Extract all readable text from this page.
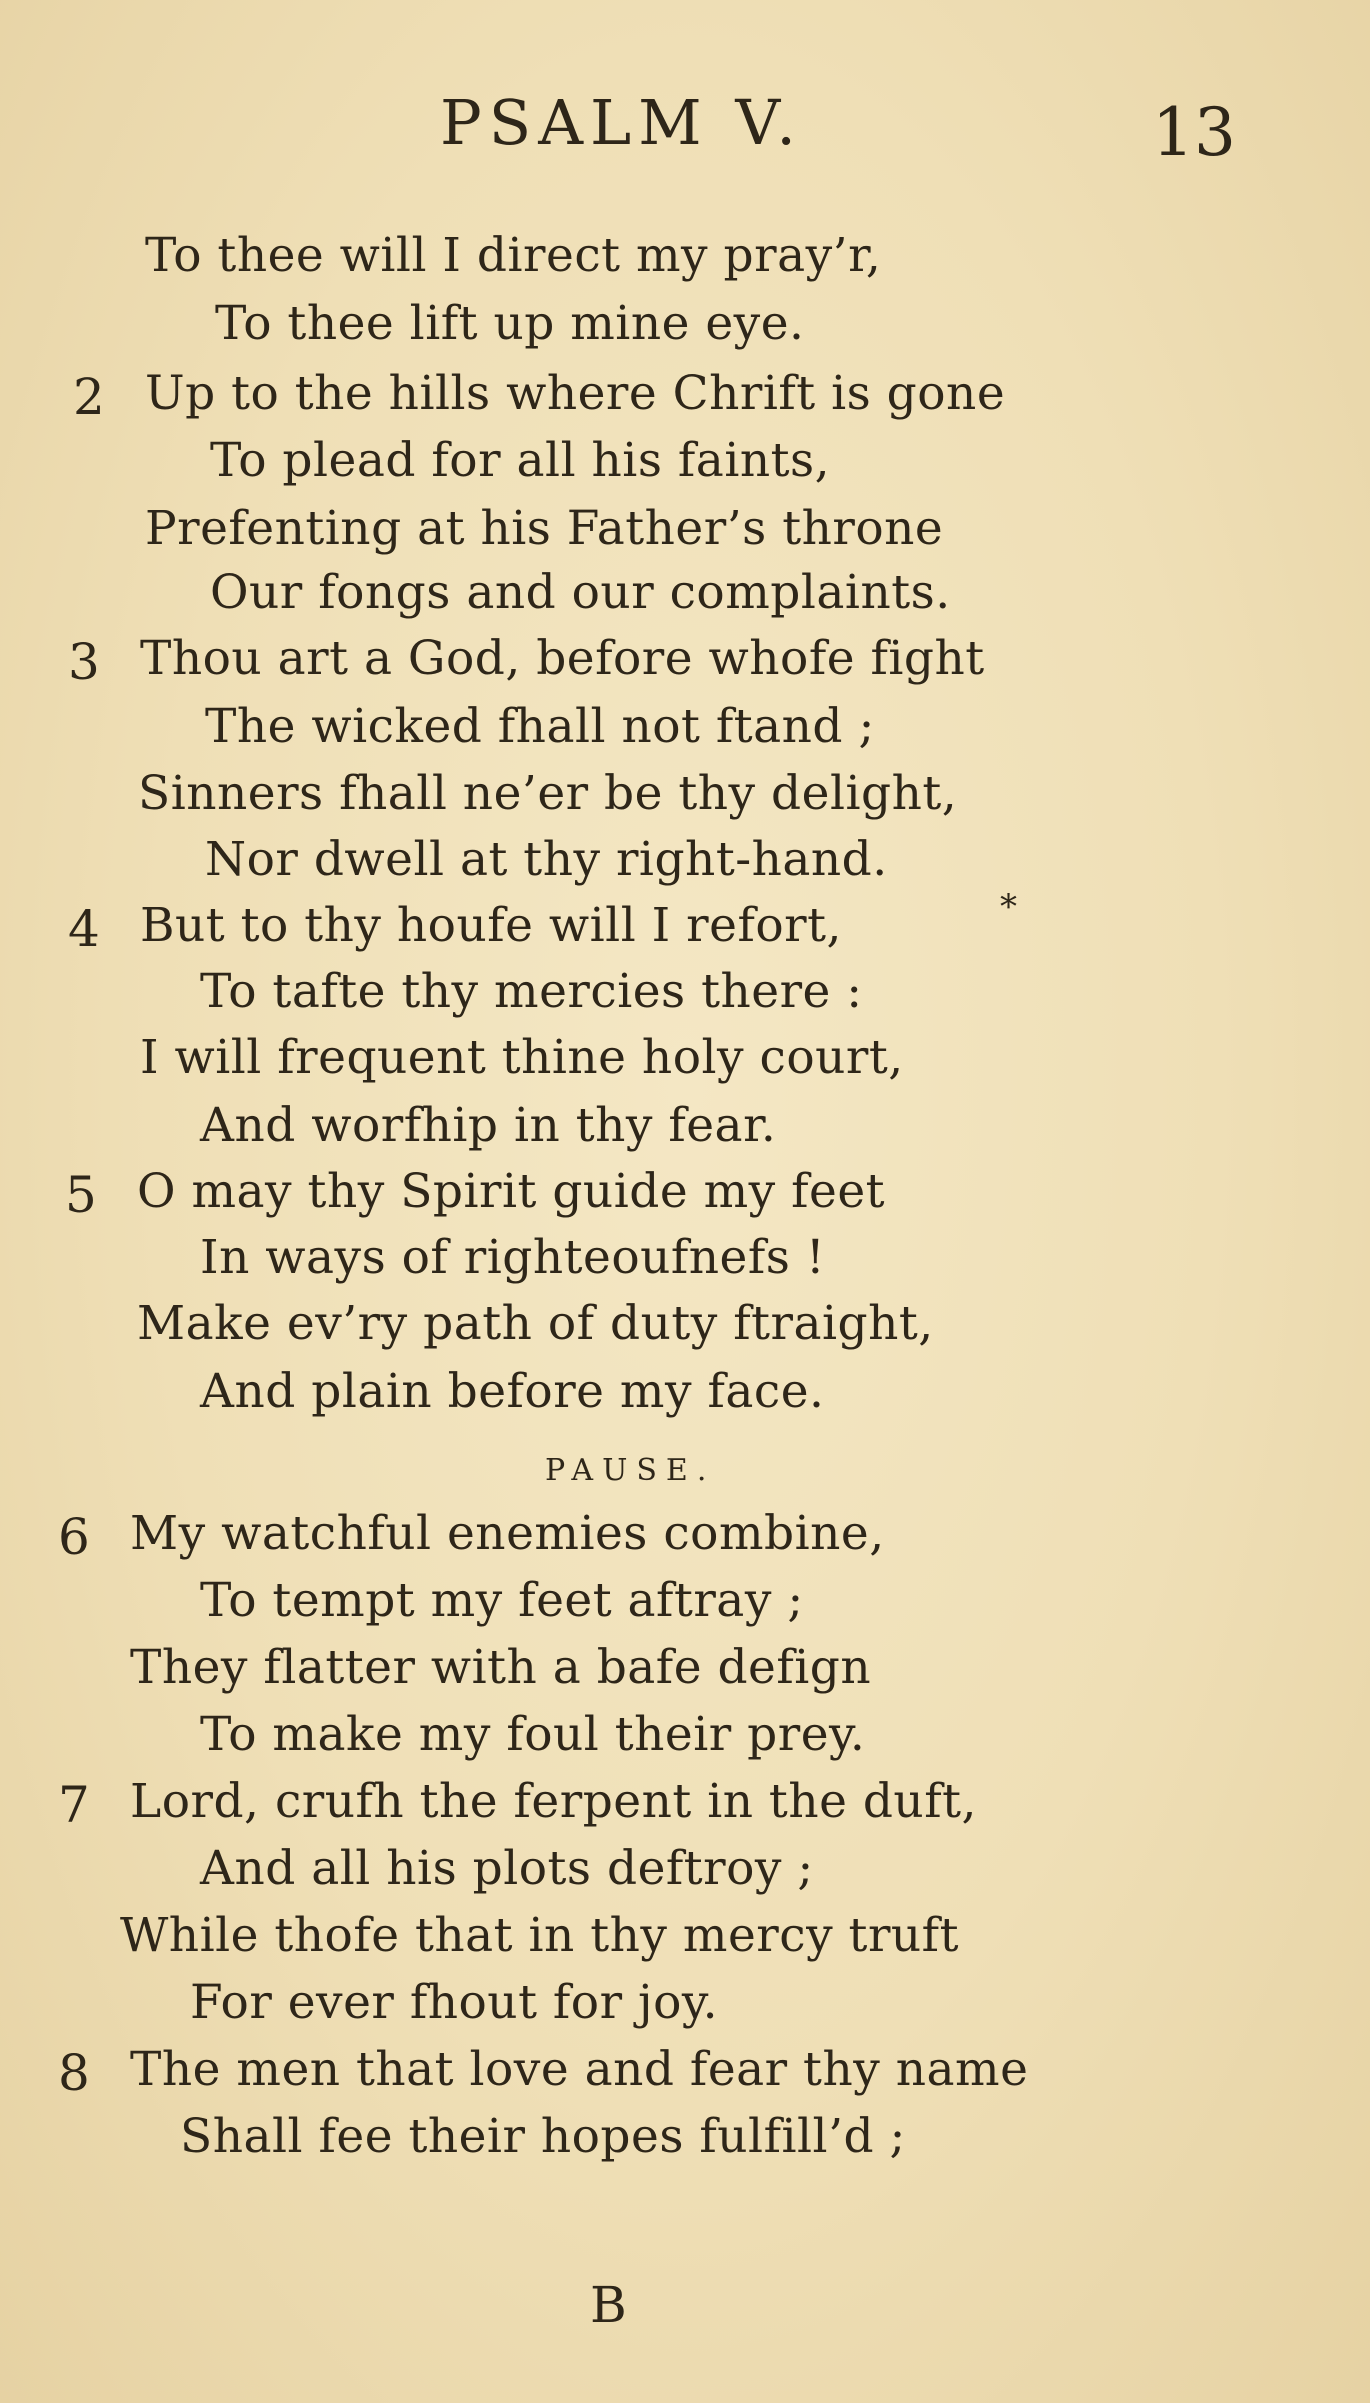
PSALM V.	13
To thee will I direct my pray’r,
To thee lift up mine eye.
Up to the hills where Chrift is gone
2
To plead for all his faints,
Prefenting at his Father’s throne
Our fongs and our complaints.
Thou art a God, before whofe fight
3
The wicked fhall not ftand ;
Sinners fhall ne’er be thy delight,
Nor dwell at thy right-hand.
But to thy houfe will I refort,
4
To tafte thy mercies there :
I will frequent thine holy court,
And worfhip in thy fear.
O may thy Spirit guide my feet
5
In ways of righteoufnefs !
Make ev’ry path of duty ftraight,
And plain before my face.
My watchful enemies combine,
6
To tempt my feet aftray ;
They flatter with a bafe defign
To make my foul their prey.
Lord, crufh the ferpent in the duft,
7
And all his plots deftroy ;
While thofe that in thy mercy truft
For ever fhout for joy.
The men that love and fear thy name
8
Shall fee their hopes fulfill’d ;
*
PAUSE.
B
